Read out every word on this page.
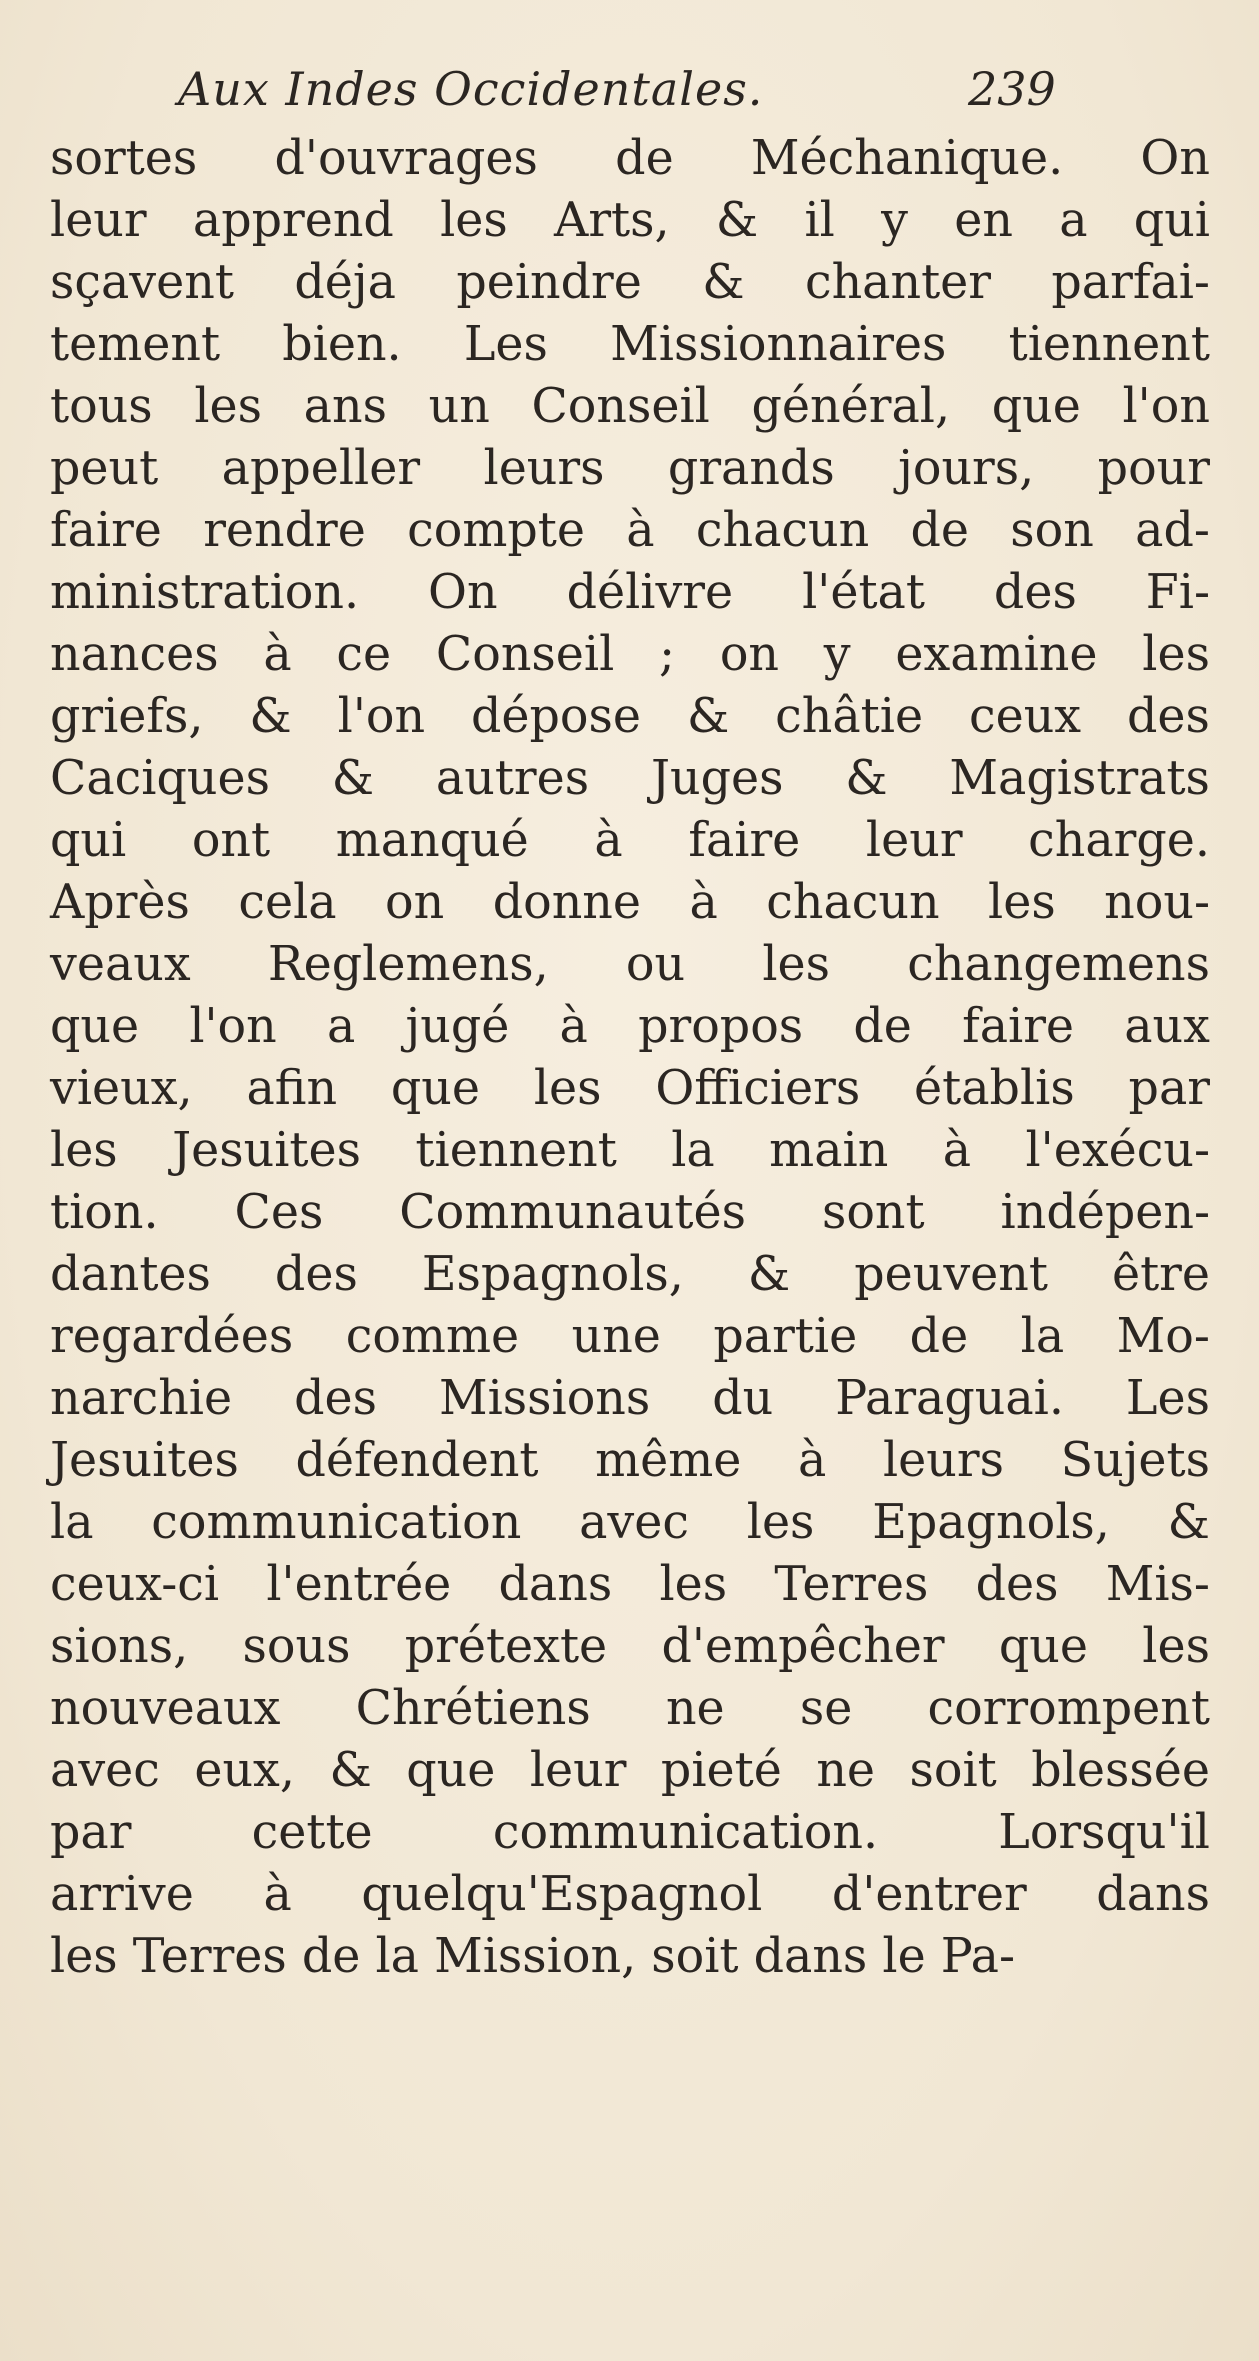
Aux Indes Occidentales.	239
sortes d'ouvrages de Méchanique. On
leur apprend les Arts, & il y en a qui
sçavent déja peindre & chanter parfai-
tement bien. Les Missionnaires tiennent
tous les ans un Conseil général, que l'on
peut appeller leurs grands jours, pour
faire rendre compte à chacun de son ad-
ministration. On délivre l'état des Fi-
nances à ce Conseil ; on y examine les
griefs, & l'on dépose & châtie ceux des
Caciques & autres Juges & Magistrats
qui ont manqué à faire leur charge.
Après cela on donne à chacun les nou-
veaux Reglemens, ou les changemens
que l'on a jugé à propos de faire aux
vieux, afin que les Officiers établis par
les Jesuites tiennent la main à l'exécu-
tion. Ces Communautés sont indépen-
dantes des Espagnols, & peuvent être
regardées comme une partie de la Mo-
narchie des Missions du Paraguai. Les
Jesuites défendent même à leurs Sujets
la communication avec les Epagnols, &
ceux-ci l'entrée dans les Terres des Mis-
sions, sous prétexte d'empêcher que les
nouveaux Chrétiens ne se corrompent
avec eux, & que leur pieté ne soit blessée
par	cette	communication.	Lorsqu'il
arrive à quelqu'Espagnol d'entrer dans
les Terres de la Mission, soit dans le Pa-
